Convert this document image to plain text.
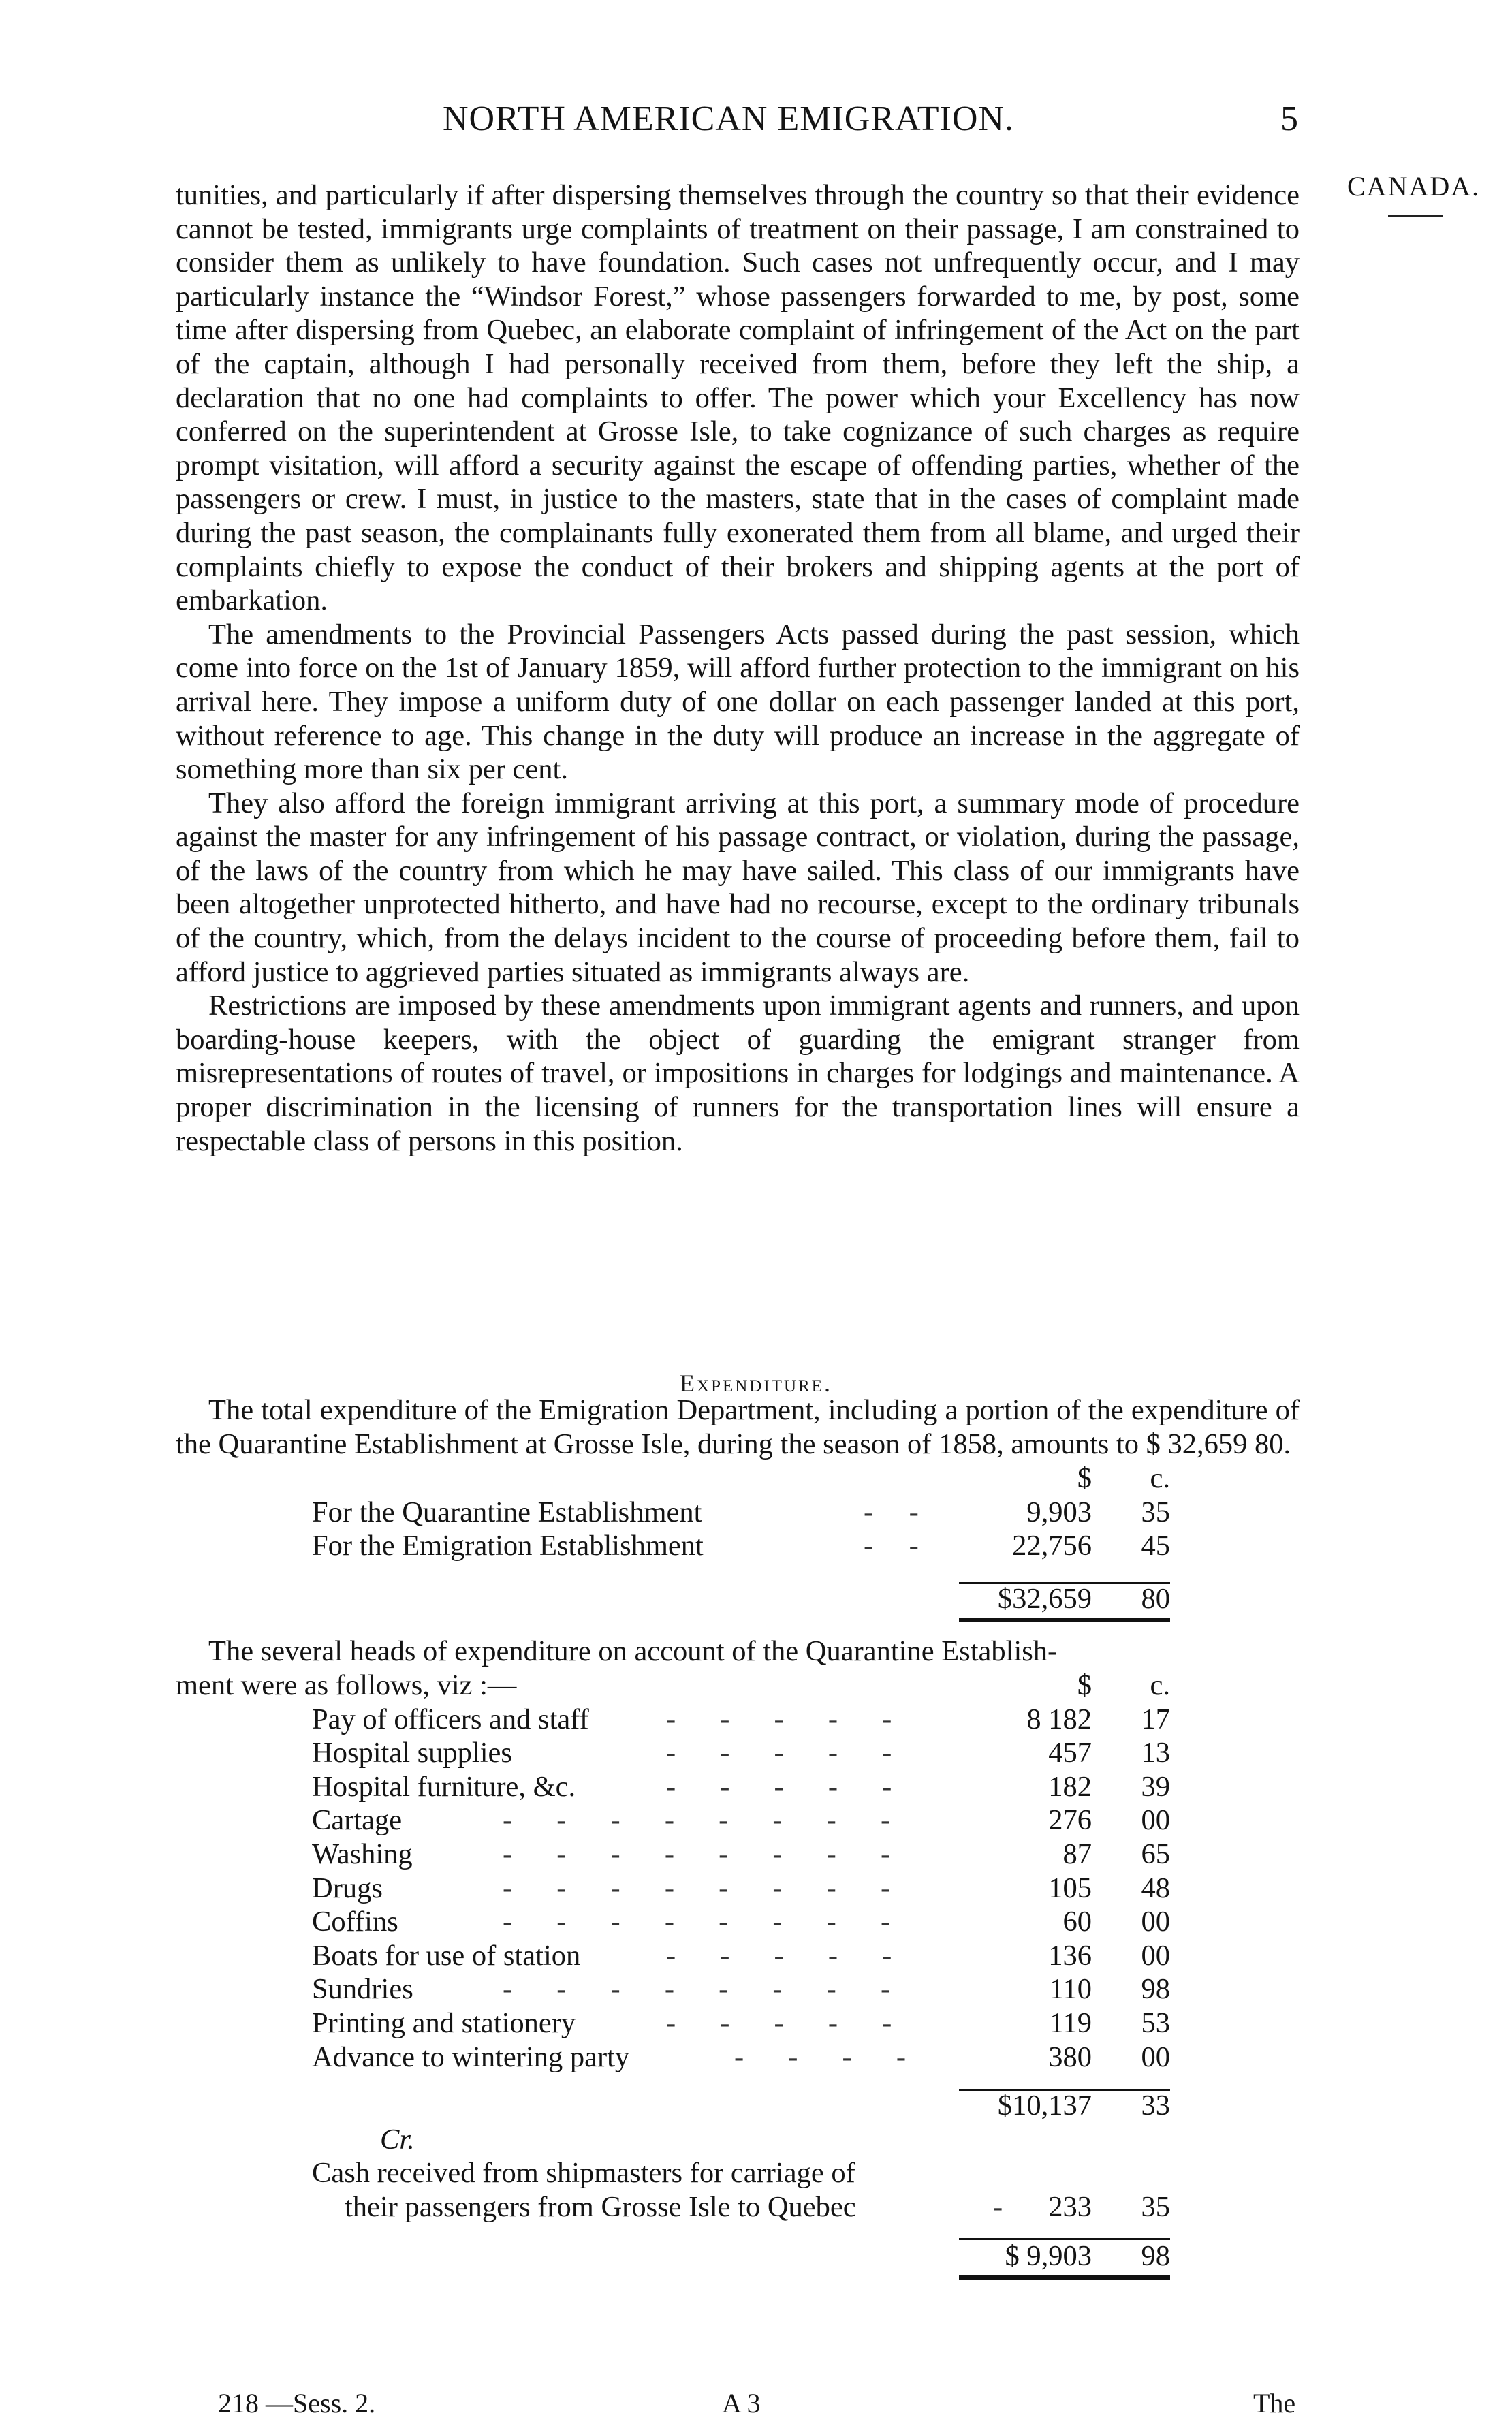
NORTH AMERICAN EMIGRATION.	5
CANADA.

tunities, and particularly if after dispersing themselves through the country so that their evidence cannot be tested, immigrants urge complaints of treatment on their passage, I am constrained to consider them as unlikely to have foundation. Such cases not unfrequently occur, and I may particularly instance the “Windsor Forest,” whose passengers forwarded to me, by post, some time after dispersing from Quebec, an elaborate complaint of infringement of the Act on the part of the captain, although I had personally received from them, before they left the ship, a declaration that no one had complaints to offer. The power which your Excellency has now conferred on the superintendent at Grosse Isle, to take cognizance of such charges as require prompt visitation, will afford a security against the escape of offending parties, whether of the passengers or crew. I must, in justice to the masters, state that in the cases of complaint made during the past season, the complainants fully exonerated them from all blame, and urged their complaints chiefly to expose the conduct of their brokers and shipping agents at the port of embarkation.

The amendments to the Provincial Passengers Acts passed during the past session, which come into force on the 1st of January 1859, will afford further protection to the immigrant on his arrival here. They impose a uniform duty of one dollar on each passenger landed at this port, without reference to age. This change in the duty will produce an increase in the aggregate of something more than six per cent.

They also afford the foreign immigrant arriving at this port, a summary mode of procedure against the master for any infringement of his passage contract, or violation, during the passage, of the laws of the country from which he may have sailed. This class of our immigrants have been altogether unprotected hitherto, and have had no recourse, except to the ordinary tribunals of the country, which, from the delays incident to the course of proceeding before them, fail to afford justice to aggrieved parties situated as immigrants always are.

Restrictions are imposed by these amendments upon immigrant agents and runners, and upon boarding-house keepers, with the object of guarding the emigrant stranger from misrepresentations of routes of travel, or impositions in charges for lodgings and maintenance. A proper discrimination in the licensing of runners for the transportation lines will ensure a respectable class of persons in this position.

Expenditure.

The total expenditure of the Emigration Department, including a portion of the expenditure of the Quarantine Establishment at Grosse Isle, during the season of 1858, amounts to $ 32,659 80.

$	c.
For the Quarantine Establishment	-    -	9,903	35
For the Emigration Establishment	-    -	22,756	45
$32,659	80
The several heads of expenditure on account of the Quarantine Establish-
ment were as follows, viz :—	$	c.
Pay of officers and staff	-     -     -     -     -	8 182	17
Hospital supplies	-     -     -     -     -	457	13
Hospital furniture, &c.	-     -     -     -     -	182	39
Cartage	-     -     -     -     -     -     -     -	276	00
Washing	-     -     -     -     -     -     -     -	87	65
Drugs	-     -     -     -     -     -     -     -	105	48
Coffins	-     -     -     -     -     -     -     -	60	00
Boats for use of station	-     -     -     -     -	136	00
Sundries	-     -     -     -     -     -     -     -	110	98
Printing and stationery	-     -     -     -     -	119	53
Advance to wintering party	-     -     -     -	380	00
$10,137	33
Cr.
Cash received from shipmasters for carriage of
their passengers from Grosse Isle to Quebec	- 233	35
$ 9,903	98
218 —Sess. 2.	A 3	The
